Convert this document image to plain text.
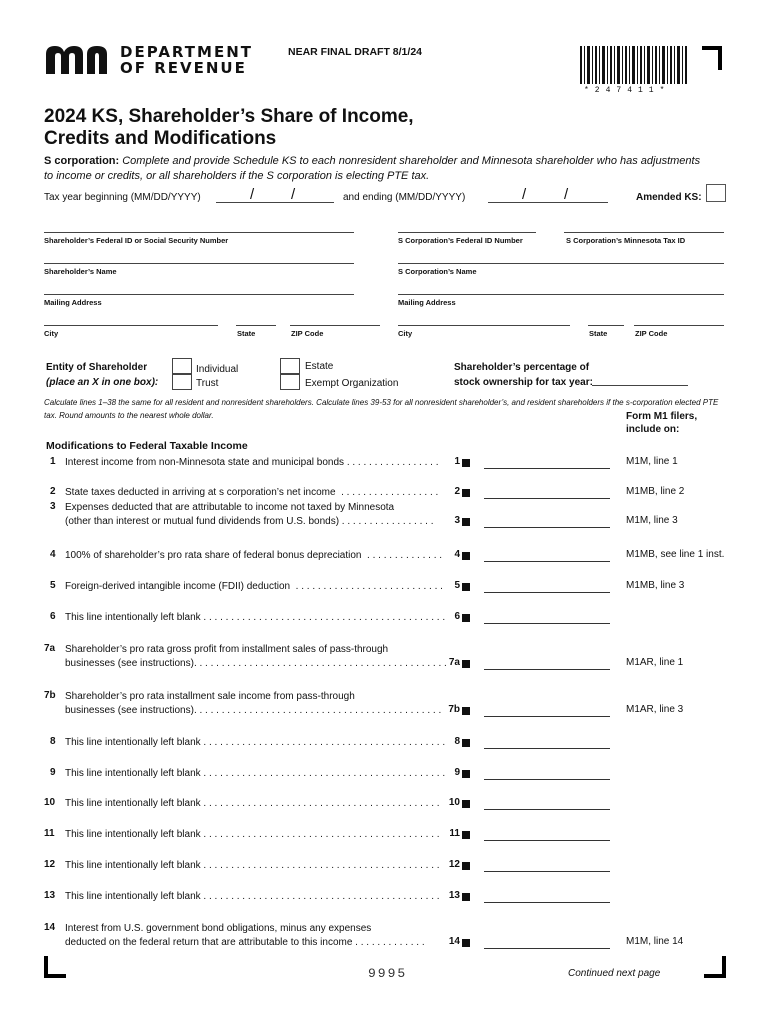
DEPARTMENT
OF REVENUE
NEAR FINAL DRAFT 8/1/24
*247411*
2024 KS, Shareholder’s Share of Income,
Credits and Modifications
S corporation: Complete and provide Schedule KS to each nonresident shareholder and Minnesota shareholder who has adjustments to income or credits, or all shareholders if the S corporation is electing PTE tax.
Tax year beginning (MM/DD/YYYY)	/ /	and ending (MM/DD/YYYY)	/	/	Amended KS:
Shareholder’s Federal ID or Social Security Number	S Corporation’s Federal ID Number	S Corporation’s Minnesota Tax ID
Shareholder’s Name	S Corporation’s Name
Mailing Address	Mailing Address
City	State	ZIP Code	City	State	ZIP Code
Entity of Shareholder
(place an X in one box):
Individual
Trust
Estate
Exempt Organization
Shareholder’s percentage of
stock ownership for tax year:
Calculate lines 1–38 the same for all resident and nonresident shareholders. Calculate lines 39-53 for all nonresident shareholder’s, and resident shareholders if the s-corporation elected PTE tax. Round amounts to the nearest whole dollar.	Form M1 filers,
include on:
Modifications to Federal Taxable Income
1 Interest income from non-Minnesota state and municipal bonds . . . . . . . . . . . . . . . . .	1	M1M, line 1
2 State taxes deducted in arriving at s corporation’s net income  . . . . . . . . . . . . . . . . . .	2	M1MB, line 2
3 Expenses deducted that are attributable to income not taxed by Minnesota
(other than interest or mutual fund dividends from U.S. bonds) . . . . . . . . . . . . . . . . .	3	M1M, line 3
4 100% of shareholder’s pro rata share of federal bonus depreciation  . . . . . . . . . . . . . .	4	M1MB, see line 1 inst.
5 Foreign-derived intangible income (FDII) deduction  . . . . . . . . . . . . . . . . . . . . . . . . . . .	5	M1MB, line 3
6 This line intentionally left blank . . . . . . . . . . . . . . . . . . . . . . . . . . . . . . . . . . . . . . . . . . . . 6
7a Shareholder’s pro rata gross profit from installment sales of pass-through
businesses (see instructions). . . . . . . . . . . . . . . . . . . . . . . . . . . . . . . . . . . . . . . . . . . . . . 7a	M1AR, line 1
7b Shareholder’s pro rata installment sale income from pass-through
businesses (see instructions). . . . . . . . . . . . . . . . . . . . . . . . . . . . . . . . . . . . . . . . . . . . . 7b	M1AR, line 3
8 This line intentionally left blank . . . . . . . . . . . . . . . . . . . . . . . . . . . . . . . . . . . . . . . . . . . . 8
9 This line intentionally left blank . . . . . . . . . . . . . . . . . . . . . . . . . . . . . . . . . . . . . . . . . . . . 9
10 This line intentionally left blank . . . . . . . . . . . . . . . . . . . . . . . . . . . . . . . . . . . . . . . . . . . 10
11 This line intentionally left blank . . . . . . . . . . . . . . . . . . . . . . . . . . . . . . . . . . . . . . . . . . . 11
12 This line intentionally left blank . . . . . . . . . . . . . . . . . . . . . . . . . . . . . . . . . . . . . . . . . . . 12
13 This line intentionally left blank . . . . . . . . . . . . . . . . . . . . . . . . . . . . . . . . . . . . . . . . . . . 13
14 Interest from U.S. government bond obligations, minus any expenses
deducted on the federal return that are attributable to this income . . . . . . . . . . . . .	14	M1M, line 14
9995	Continued next page
